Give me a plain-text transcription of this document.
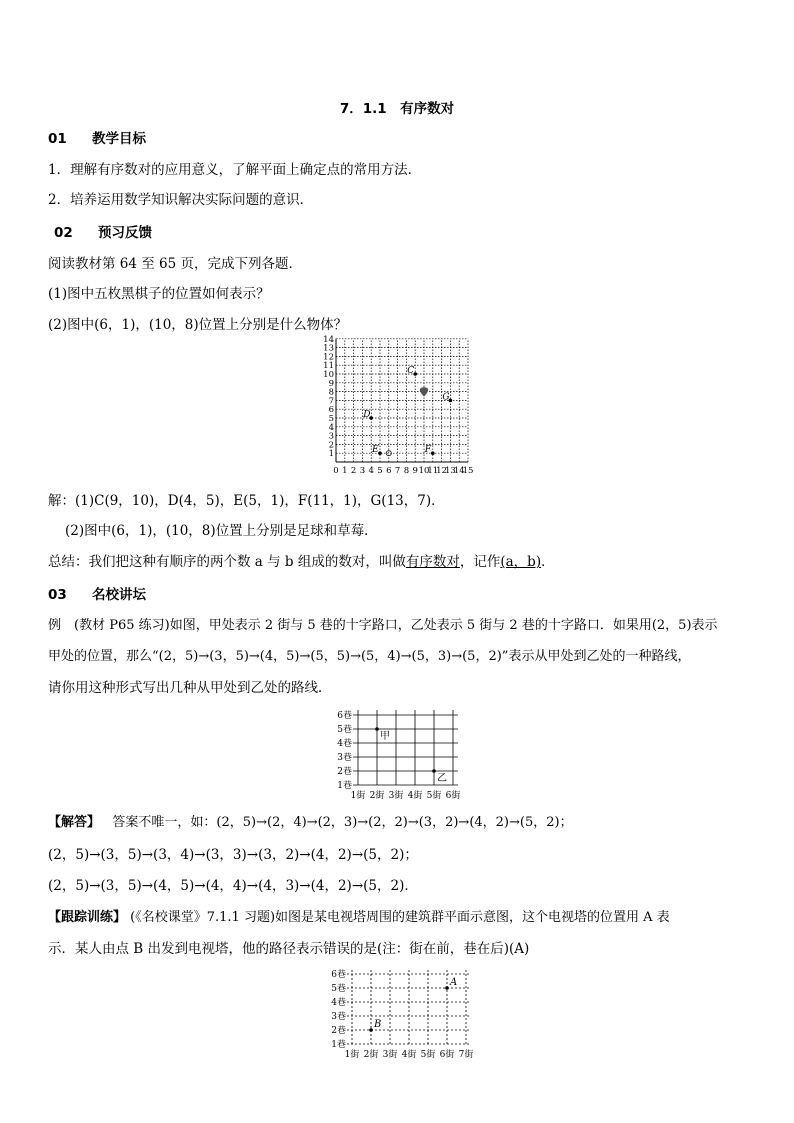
7．1.1　有序数对
01 教学目标
1．理解有序数对的应用意义，了解平面上确定点的常用方法．
2．培养运用数学知识解决实际问题的意识．
02 预习反馈
阅读教材第 64 至 65 页，完成下列各题．
(1)图中五枚黑棋子的位置如何表示？
(2)图中(6，1)，(10，8)位置上分别是什么物体？
0 1 2 3 4 5 6 7 8 9 10
11
12
13
14
15
1
2
3
4
5
6
7
8
9
10
11
12
13
14
C
D
E	F
G
解：(1)C(9，10)，D(4，5)，E(5，1)，F(11，1)，G(13，7)．
(2)图中(6，1)，(10，8)位置上分别是足球和草莓．
总结：我们把这种有顺序的两个数 a 与 b 组成的数对，叫做有序数对，记作(a，b)．
03 名校讲坛
例　(教材 P65 练习)如图，甲处表示 2 街与 5 巷的十字路口，乙处表示 5 街与 2 巷的十字路口．如果用(2，5)表示
甲处的位置，那么“(2，5)→(3，5)→(4，5)→(5，5)→(5，4)→(5，3)→(5，2)”表示从甲处到乙处的一种路线，
请你用这种形式写出几种从甲处到乙处的路线．
1街 2街 3街 4街 5街 6街
1巷
2巷
3巷
4巷
5巷
6巷
甲
乙
【解答】 答案不唯一，如：(2，5)→(2，4)→(2，3)→(2，2)→(3，2)→(4，2)→(5，2)；
(2，5)→(3，5)→(3，4)→(3，3)→(3，2)→(4，2)→(5，2)；
(2，5)→(3，5)→(4，5)→(4，4)→(4，3)→(4，2)→(5，2)．
【跟踪训练】 (《名校课堂》7.1.1 习题)如图是某电视塔周围的建筑群平面示意图，这个电视塔的位置用 A 表
示．某人由点 B 出发到电视塔，他的路径表示错误的是(注：街在前，巷在后)(A)
1街 2街 3街 4街 5街 6街 7街
1巷
2巷
3巷
4巷
5巷
6巷
A
B
